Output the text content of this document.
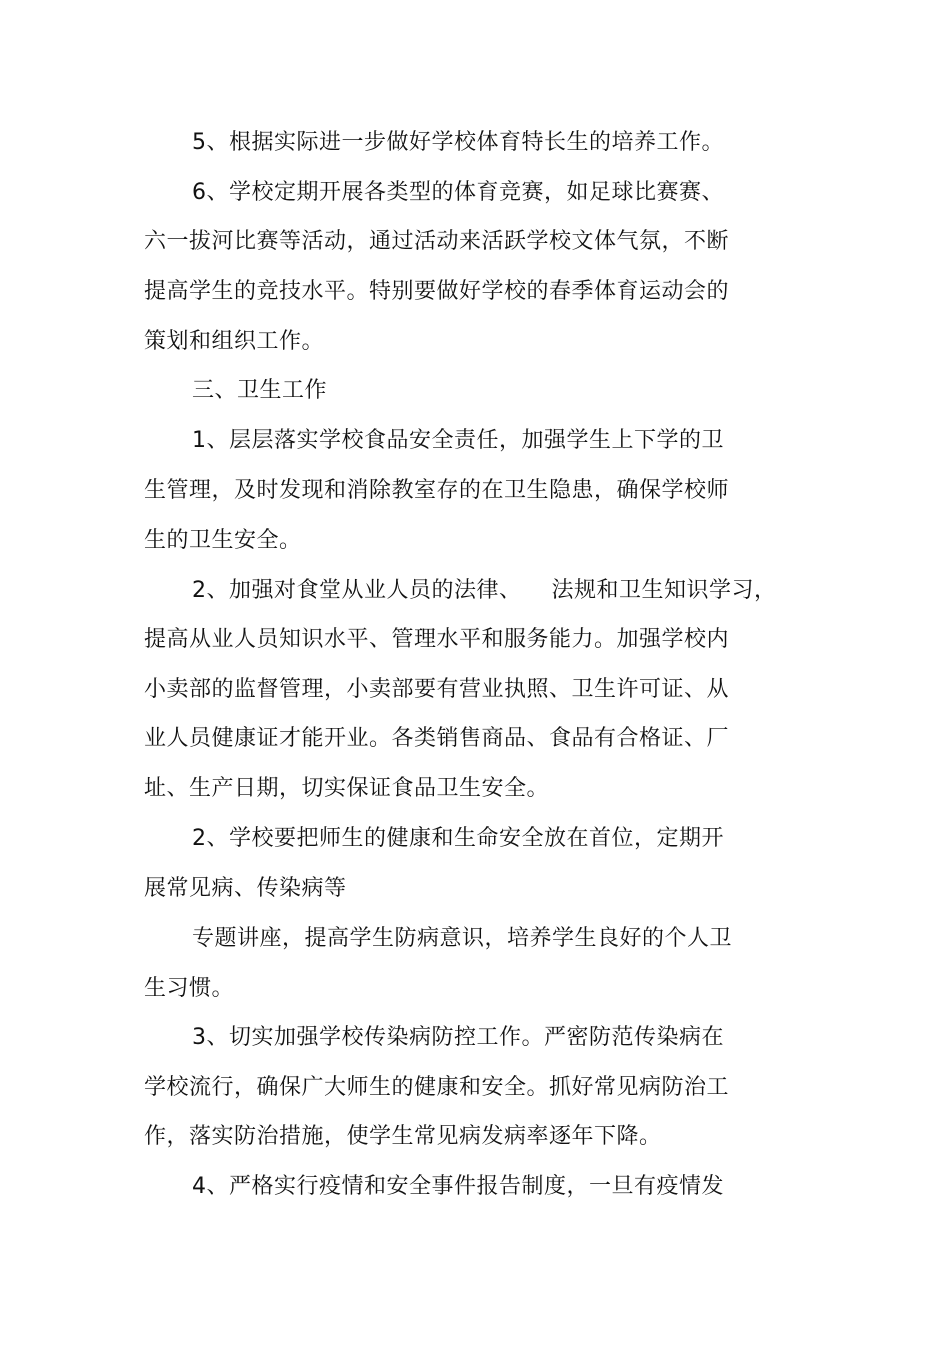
5、根据实际进一步做好学校体育特长生的培养工作。
6、学校定期开展各类型的体育竞赛，如足球比赛赛、
六一拔河比赛等活动，通过活动来活跃学校文体气氛，不断
提高学生的竞技水平。特别要做好学校的春季体育运动会的
策划和组织工作。
三、卫生工作
1、层层落实学校食品安全责任，加强学生上下学的卫
生管理，及时发现和消除教室存的在卫生隐患，确保学校师
生的卫生安全。
2、加强对食堂从业人员的法律、    法规和卫生知识学习，
提高从业人员知识水平、管理水平和服务能力。加强学校内
小卖部的监督管理，小卖部要有营业执照、卫生许可证、从
业人员健康证才能开业。各类销售商品、食品有合格证、厂
址、生产日期，切实保证食品卫生安全。
2、学校要把师生的健康和生命安全放在首位，定期开
展常见病、传染病等
专题讲座，提高学生防病意识，培养学生良好的个人卫
生习惯。
3、切实加强学校传染病防控工作。严密防范传染病在
学校流行，确保广大师生的健康和安全。抓好常见病防治工
作，落实防治措施，使学生常见病发病率逐年下降。
4、严格实行疫情和安全事件报告制度，一旦有疫情发
